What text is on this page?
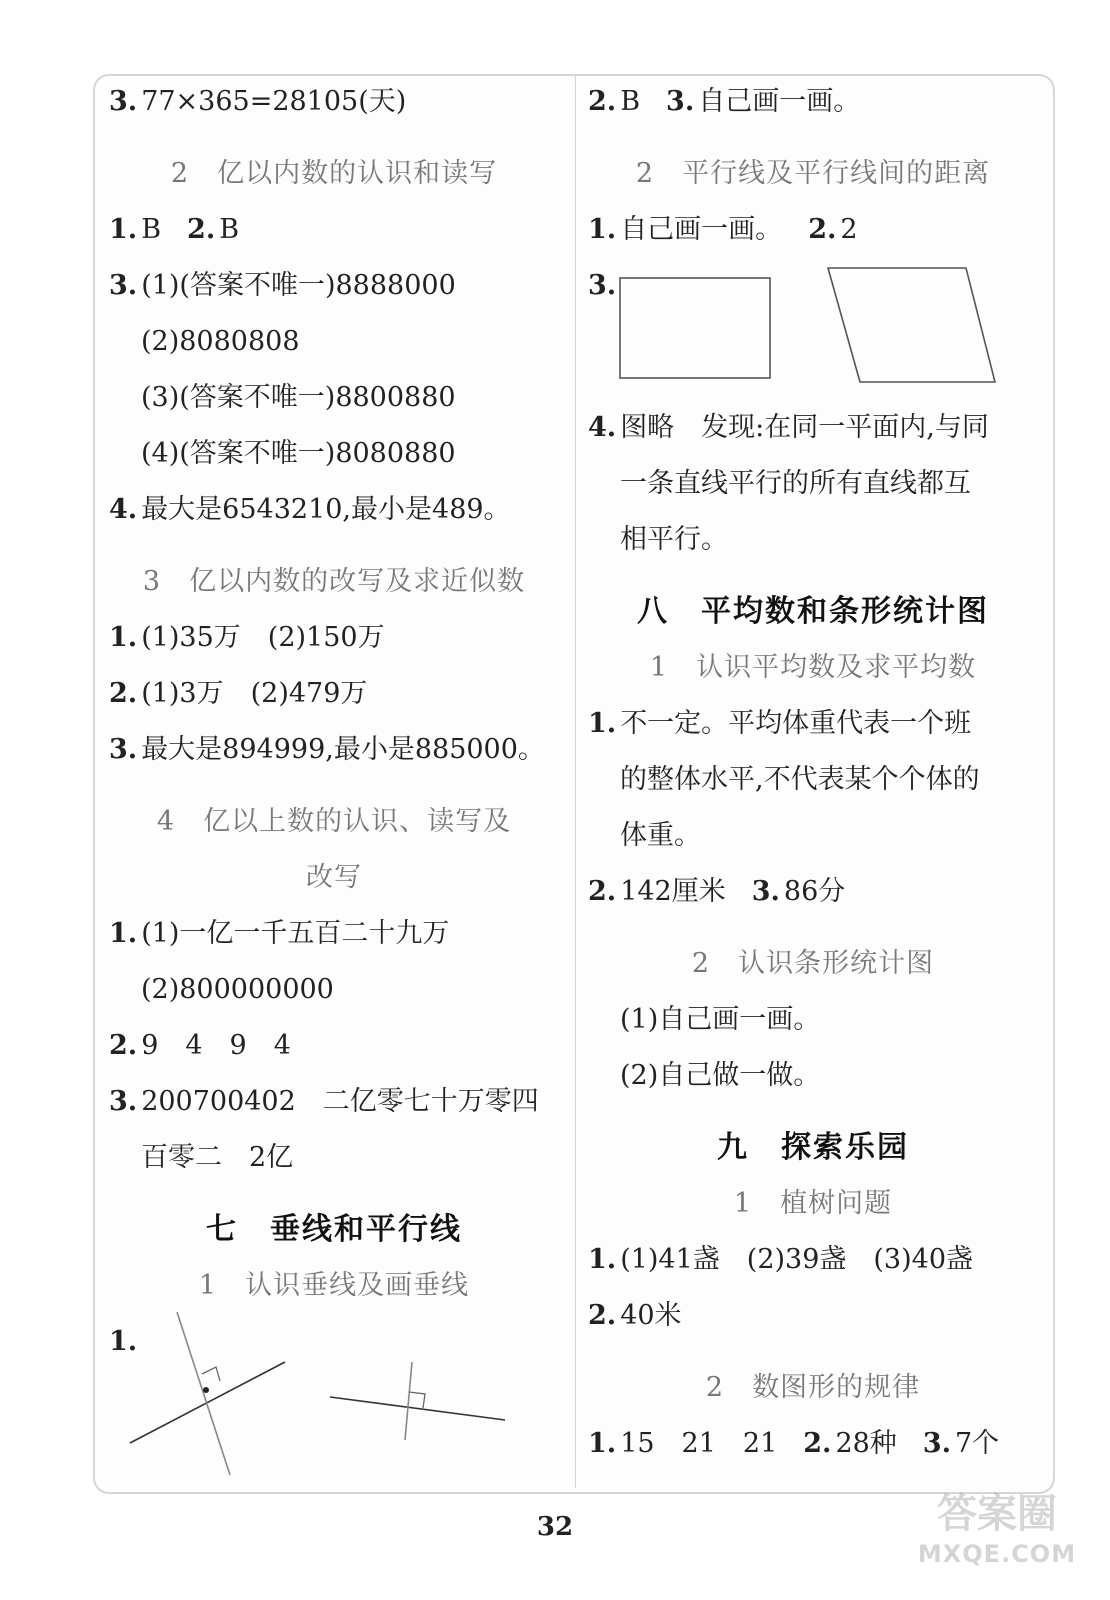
3. 77×365=28105(天)
2　亿以内数的认识和读写
1. B 2. B
3. (1)(答案不唯一)8888000
(2)8080808
(3)(答案不唯一)8800880
(4)(答案不唯一)8080880
4. 最大是6543210,最小是489。
3　亿以内数的改写及求近似数
1. (1)35万　(2)150万
2. (1)3万　(2)479万
3. 最大是894999,最小是885000。
4　亿以上数的认识、读写及
改写
1. (1)一亿一千五百二十九万
(2)800000000
2. 9　4　9　4
3. 200700402　二亿零七十万零四
百零二　2亿
七　垂线和平行线
1　认识垂线及画垂线
1.
2. B 3. 自己画一画。
2　平行线及平行线间的距离
1. 自己画一画。 2. 2
3.
4. 图略　发现:在同一平面内,与同
一条直线平行的所有直线都互
相平行。
八　平均数和条形统计图
1　认识平均数及求平均数
1. 不一定。平均体重代表一个班
的整体水平,不代表某个个体的
体重。
2. 142厘米 3. 86分
2　认识条形统计图
(1)自己画一画。
(2)自己做一做。
九　探索乐园
1　植树问题
1. (1)41盏　(2)39盏　(3)40盏
2. 40米
2　数图形的规律
1. 15　21　21 2. 28种 3. 7个
32	答案圈
MXQE.COM
